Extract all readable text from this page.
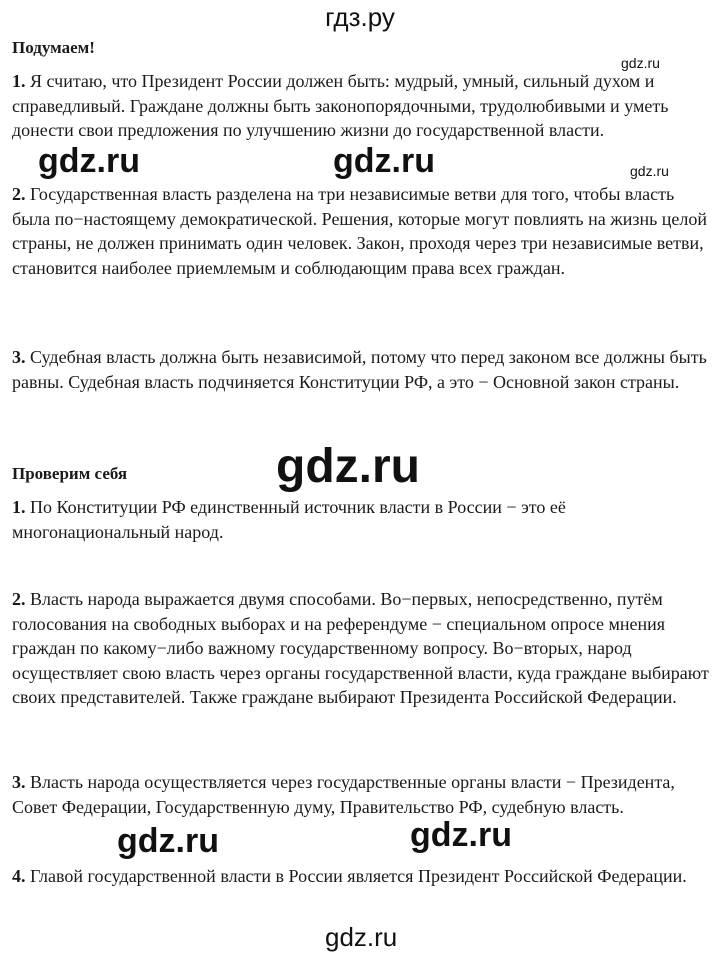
гдз.ру
Подумаем!
1. Я считаю, что Президент России должен быть: мудрый, умный, сильный духом и справедливый. Граждане должны быть законопорядочными, трудолюбивыми и уметь донести свои предложения по улучшению жизни до государственной власти.
2. Государственная власть разделена на три независимые ветви для того, чтобы власть была по−настоящему демократической. Решения, которые могут повлиять на жизнь целой страны, не должен принимать один человек. Закон, проходя через три независимые ветви, становится наиболее приемлемым и соблюдающим права всех граждан.
3. Судебная власть должна быть независимой, потому что перед законом все должны быть равны. Судебная власть подчиняется Конституции РФ, а это − Основной закон страны.
Проверим себя
1. По Конституции РФ единственный источник власти в России − это её многонациональный народ.
2. Власть народа выражается двумя способами. Во−первых, непосредственно, путём голосования на свободных выборах и на референдуме − специальном опросе мнения граждан по какому−либо важному государственному вопросу. Во−вторых, народ осуществляет свою власть через органы государственной власти, куда граждане выбирают своих представителей. Также граждане выбирают Президента Российской Федерации.
3. Власть народа осуществляется через государственные органы власти − Президента, Совет Федерации, Государственную думу, Правительство РФ, судебную власть.
4. Главой государственной власти в России является Президент Российской Федерации.
gdz.ru
gdz.ru	gdz.ru	gdz.ru
gdz.ru
gdz.ru	gdz.ru
gdz.ru
